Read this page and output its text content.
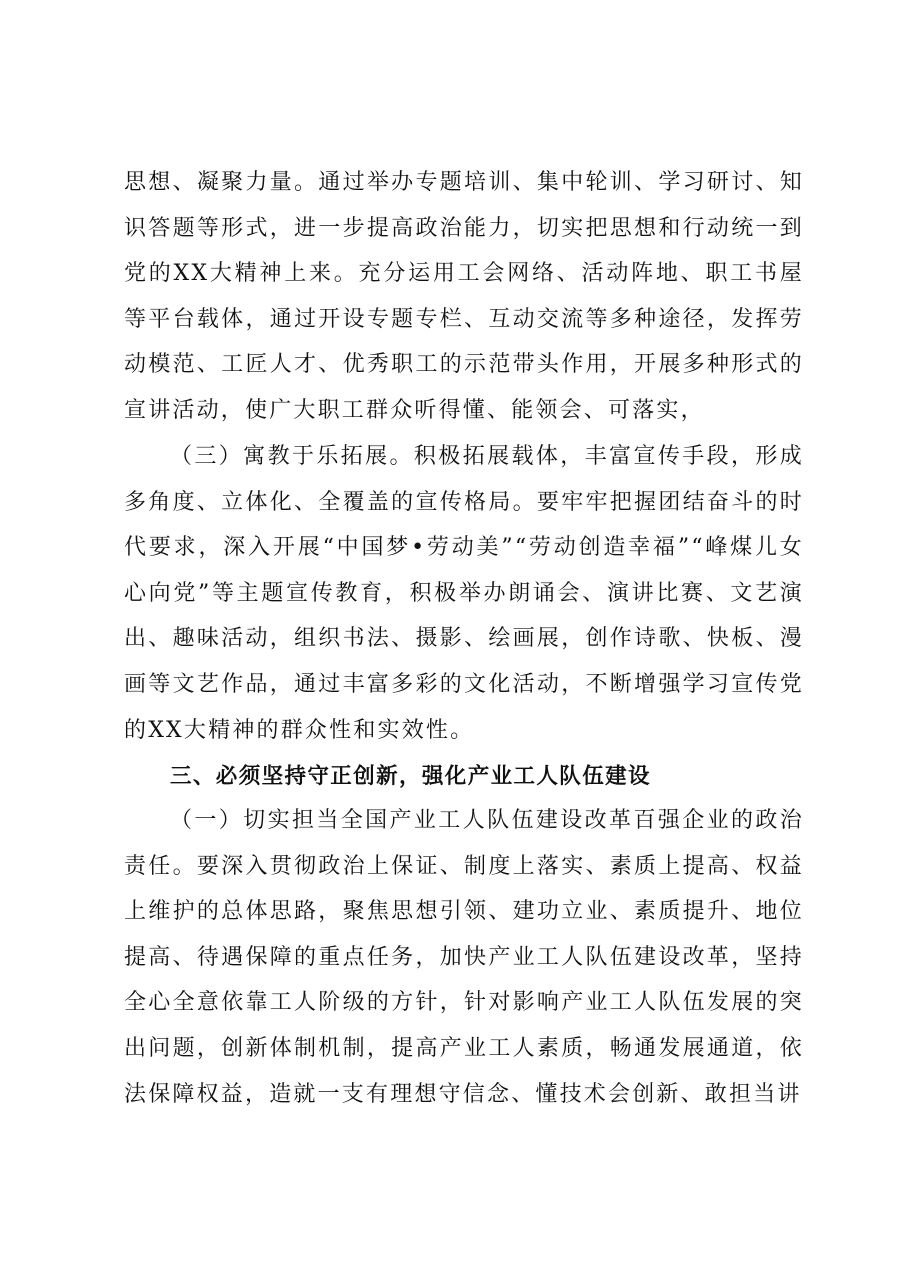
思想、凝聚力量。通过举办专题培训、集中轮训、学习研讨、知识答题等形式，进一步提高政治能力，切实把思想和行动统一到党的XX大精神上来。充分运用工会网络、活动阵地、职工书屋等平台载体，通过开设专题专栏、互动交流等多种途径，发挥劳动模范、工匠人才、优秀职工的示范带头作用，开展多种形式的宣讲活动，使广大职工群众听得懂、能领会、可落实，

（三）寓教于乐拓展。积极拓展载体，丰富宣传手段，形成多角度、立体化、全覆盖的宣传格局。要牢牢把握团结奋斗的时代要求，深入开展“中国梦•劳动美”“劳动创造幸福”“峰煤儿女心向党”等主题宣传教育，积极举办朗诵会、演讲比赛、文艺演出、趣味活动，组织书法、摄影、绘画展，创作诗歌、快板、漫画等文艺作品，通过丰富多彩的文化活动，不断增强学习宣传党的XX大精神的群众性和实效性。

三、必须坚持守正创新，强化产业工人队伍建设

（一）切实担当全国产业工人队伍建设改革百强企业的政治责任。要深入贯彻政治上保证、制度上落实、素质上提高、权益上维护的总体思路，聚焦思想引领、建功立业、素质提升、地位提高、待遇保障的重点任务，加快产业工人队伍建设改革，坚持全心全意依靠工人阶级的方针，针对影响产业工人队伍发展的突出问题，创新体制机制，提高产业工人素质，畅通发展通道，依法保障权益，造就一支有理想守信念、懂技术会创新、敢担当讲
